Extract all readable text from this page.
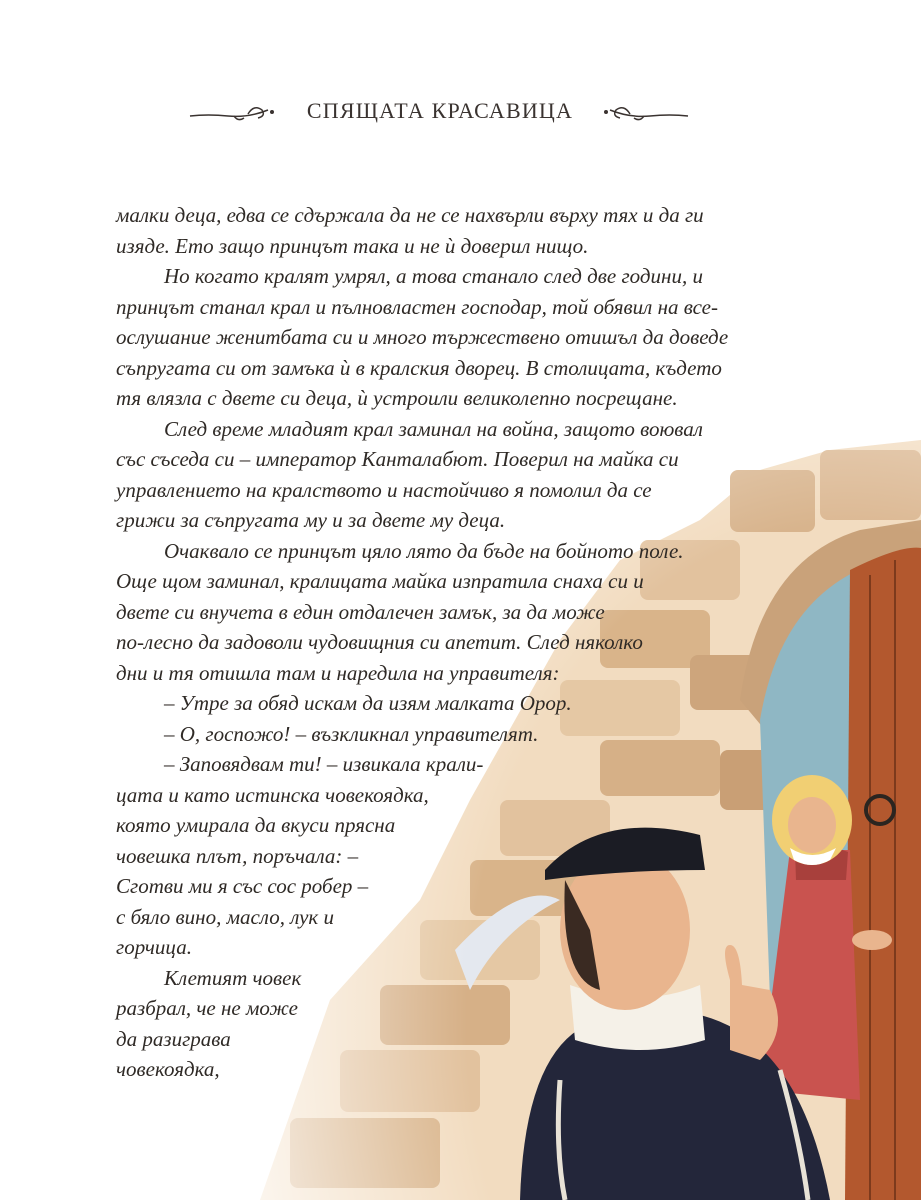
СПЯЩАТА КРАСАВИЦА
малки деца, едва се сдържала да не се нахвърли върху тях и да ги
изяде. Ето защо принцът така и не ѝ доверил нищо.
Но когато кралят умрял, а това станало след две години, и
принцът станал крал и пълновластен господар, той обявил на все-
ослушание женитбата си и много тържествено отишъл да доведе
съпругата си от замъка ѝ в кралския дворец. В столицата, където
тя влязла с двете си деца, ѝ устроили великолепно посрещане.
След време младият крал заминал на война, защото воювал
със съседа си – император Канталабют. Поверил на майка си
управлението на кралството и настойчиво я помолил да се
грижи за съпругата му и за двете му деца.
Очаквало се принцът цяло лято да бъде на бойното поле.
Още щом заминал, кралицата майка изпратила снаха си и
двете си внучета в един отдалечен замък, за да може
по-лесно да задоволи чудовищния си апетит. След няколко
дни и тя отишла там и наредила на управителя:
– Утре за обяд искам да изям малката Орор.
– О, госпожо! – възкликнал управителят.
– Заповядвам ти! – извикала крали-
цата и като истинска човекоядка,
която умирала да вкуси прясна
човешка плът, поръчала: –
Сготви ми я със сос робер –
с бяло вино, масло, лук и
горчица.
Клетият човек
разбрал, че не може
да разиграва
човекоядка,
